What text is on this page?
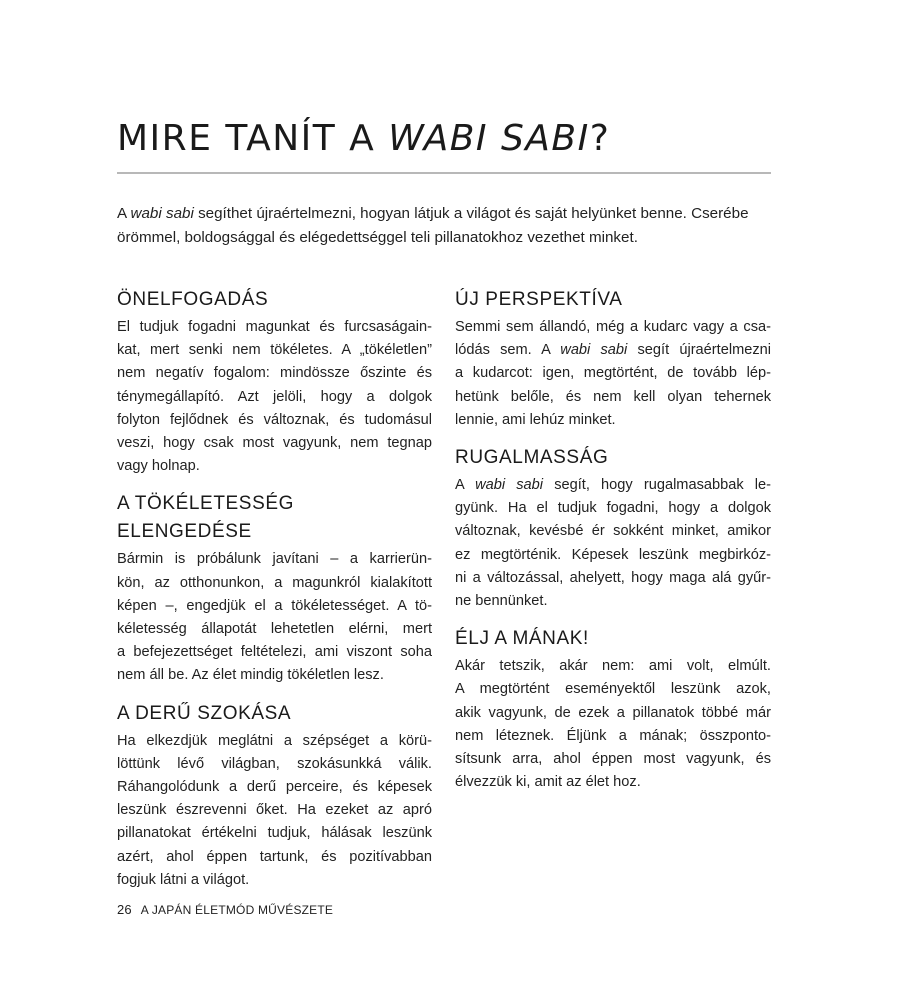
MIRE TANÍT A WABI SABI?

A wabi sabi segíthet újraértelmezni, hogyan látjuk a világot és saját helyünket benne. Cserébe
örömmel, boldogsággal és elégedettséggel teli pillanatokhoz vezethet minket.

ÖNELFOGADÁS
El tudjuk fogadni magunkat és furcsaságain-
kat, mert senki nem tökéletes. A „tökéletlen”
nem negatív fogalom: mindössze őszinte és
ténymegállapító. Azt jelöli, hogy a dolgok
folyton fejlődnek és változnak, és tudomásul
veszi, hogy csak most vagyunk, nem tegnap
vagy holnap.
A TÖKÉLETESSÉG ELENGEDÉSE
Bármin is próbálunk javítani – a karrierün-
kön, az otthonunkon, a magunkról kialakított
képen –, engedjük el a tökéletességet. A tö-
kéletesség állapotát lehetetlen elérni, mert
a befejezettséget feltételezi, ami viszont soha
nem áll be. Az élet mindig tökéletlen lesz.
A DERŰ SZOKÁSA
Ha elkezdjük meglátni a szépséget a körü-
löttünk lévő világban, szokásunkká válik.
Ráhangolódunk a derű perceire, és képesek
leszünk észrevenni őket. Ha ezeket az apró
pillanatokat értékelni tudjuk, hálásak leszünk
azért, ahol éppen tartunk, és pozitívabban
fogjuk látni a világot.
ÚJ PERSPEKTÍVA
Semmi sem állandó, még a kudarc vagy a csa-
lódás sem. A wabi sabi segít újraértelmezni
a kudarcot: igen, megtörtént, de tovább lép-
hetünk belőle, és nem kell olyan tehernek
lennie, ami lehúz minket.
RUGALMASSÁG
A wabi sabi segít, hogy rugalmasabbak le-
gyünk. Ha el tudjuk fogadni, hogy a dolgok
változnak, kevésbé ér sokként minket, amikor
ez megtörténik. Képesek leszünk megbirkóz-
ni a változással, ahelyett, hogy maga alá gyűr-
ne bennünket.
ÉLJ A MÁNAK!
Akár tetszik, akár nem: ami volt, elmúlt.
A megtörtént eseményektől leszünk azok,
akik vagyunk, de ezek a pillanatok többé már
nem léteznek. Éljünk a mának; összponto-
sítsunk arra, ahol éppen most vagyunk, és
élvezzük ki, amit az élet hoz.
26 A JAPÁN ÉLETMÓD MŰVÉSZETE
